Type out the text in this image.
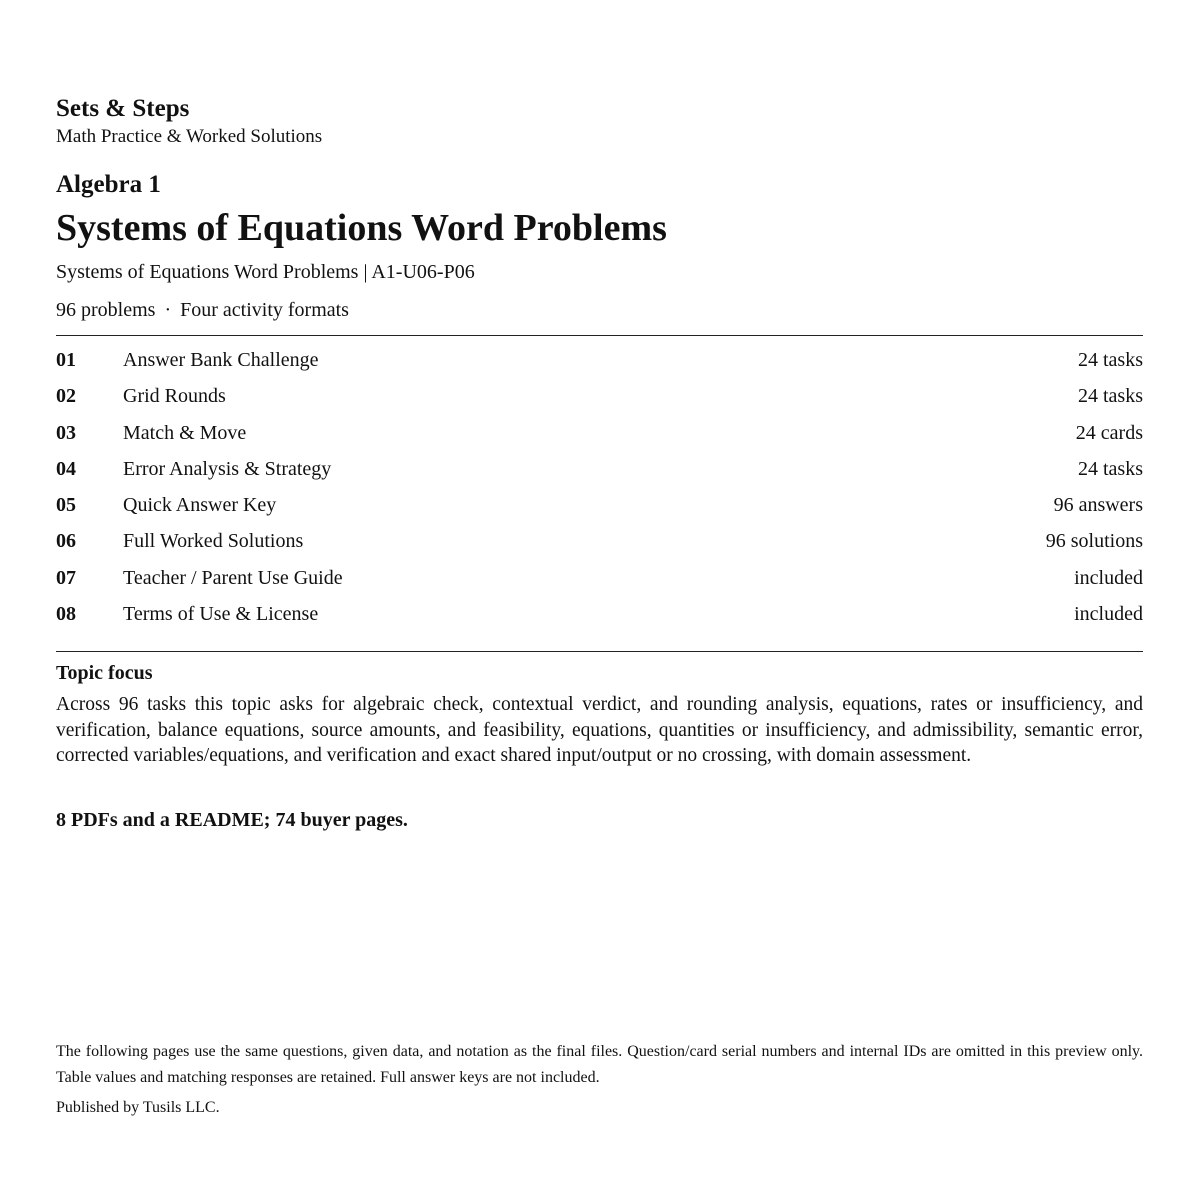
Sets & Steps
Math Practice & Worked Solutions
Algebra 1
Systems of Equations Word Problems
Systems of Equations Word Problems | A1-U06-P06
96 problems · Four activity formats
01 Answer Bank Challenge	24 tasks
02 Grid Rounds	24 tasks
03 Match & Move	24 cards
04 Error Analysis & Strategy	24 tasks
05 Quick Answer Key	96 answers
06 Full Worked Solutions	96 solutions
07 Teacher / Parent Use Guide	included
08 Terms of Use & License	included
Topic focus

Across 96 tasks this topic asks for algebraic check, contextual verdict, and rounding analysis, equations, rates or insufficiency, and verification, balance equations, source amounts, and feasibility, equations, quantities or insufficiency, and admissibility, semantic error, corrected variables/equations, and verification and exact shared input/output or no crossing, with domain assessment.

8 PDFs and a README; 74 buyer pages.

The following pages use the same questions, given data, and notation as the final files. Question/card serial numbers and internal IDs are omitted in this preview only. Table values and matching responses are retained. Full answer keys are not included.

Published by Tusils LLC.
